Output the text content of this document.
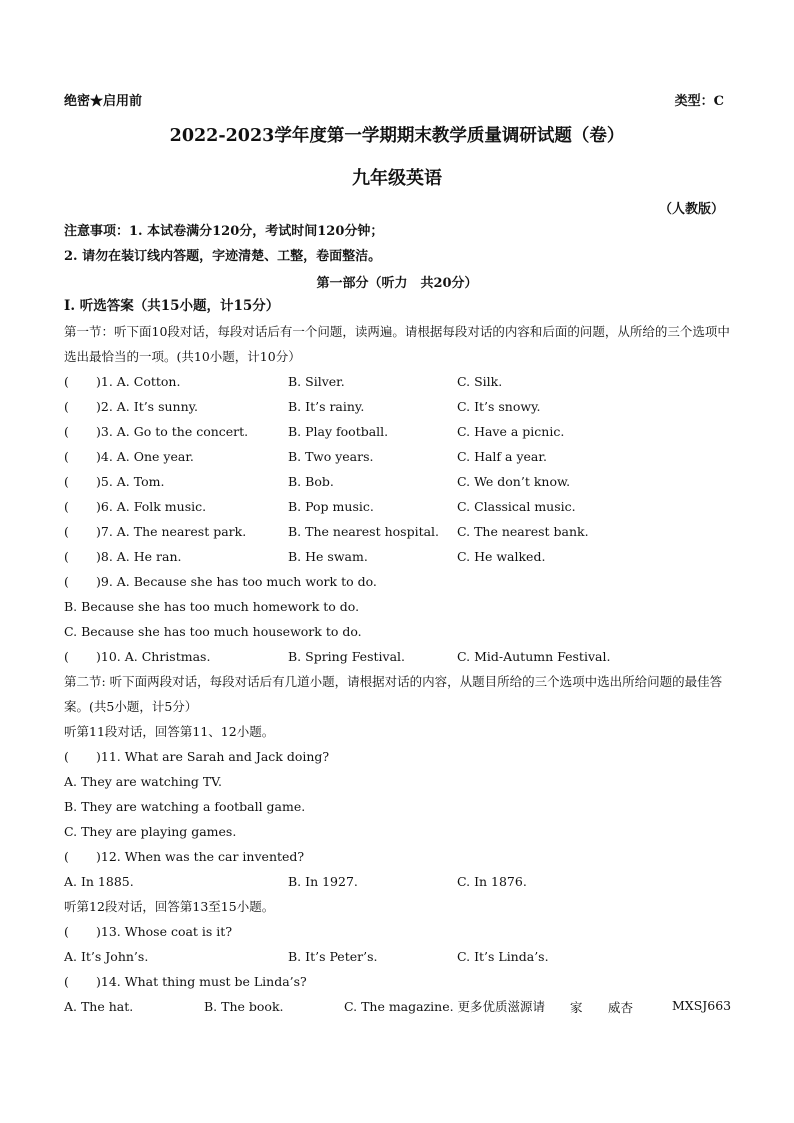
绝密★启用前	类型：C
2022-2023学年度第一学期期末教学质量调研试题（卷）
九年级英语
（人教版）
注意事项：1. 本试卷满分120分，考试时间120分钟；
2. 请勿在装订线内答题，字迹清楚、工整，卷面整洁。
第一部分（听力　共20分）
Ⅰ. 听选答案（共15小题，计15分）
第一节：听下面10段对话，每段对话后有一个问题，读两遍。请根据每段对话的内容和后面的问题，从所给的三个选项中选出最恰当的一项。(共10小题，计10分）
( )1. A. Cotton.	B. Silver.	C. Silk.
( )2. A. It’s sunny.	B. It’s rainy.	C. It’s snowy.
( )3. A. Go to the concert.	B. Play football.	C. Have a picnic.
( )4. A. One year.	B. Two years.	C. Half a year.
( )5. A. Tom.	B. Bob.	C. We don’t know.
( )6. A. Folk music.	B. Pop music.	C. Classical music.
( )7. A. The nearest park.	B. The nearest hospital. C. The nearest bank.
( )8. A. He ran.	B. He swam.	C. He walked.
( )9. A. Because she has too much work to do.
B. Because she has too much homework to do.
C. Because she has too much housework to do.
( )10. A. Christmas.	B. Spring Festival.	C. Mid-Autumn Festival.
第二节: 听下面两段对话，每段对话后有几道小题，请根据对话的内容，从题目所给的三个选项中选出所给问题的最佳答案。(共5小题，计5分）
听第11段对话，回答第11、12小题。
( )11. What are Sarah and Jack doing?
A. They are watching TV.
B. They are watching a football game.
C. They are playing games.
( )12. When was the car invented?
A. In 1885.	B. In 1927.	C. In 1876.
听第12段对话，回答第13至15小题。
( )13. Whose coat is it?
A. It’s John’s.	B. It’s Peter’s.	C. It’s Linda’s.
( )14. What thing must be Linda’s?
A. The hat.	B. The book.	C. The magazine. 更多优质滋源请 家 威杏	MXSJ663
